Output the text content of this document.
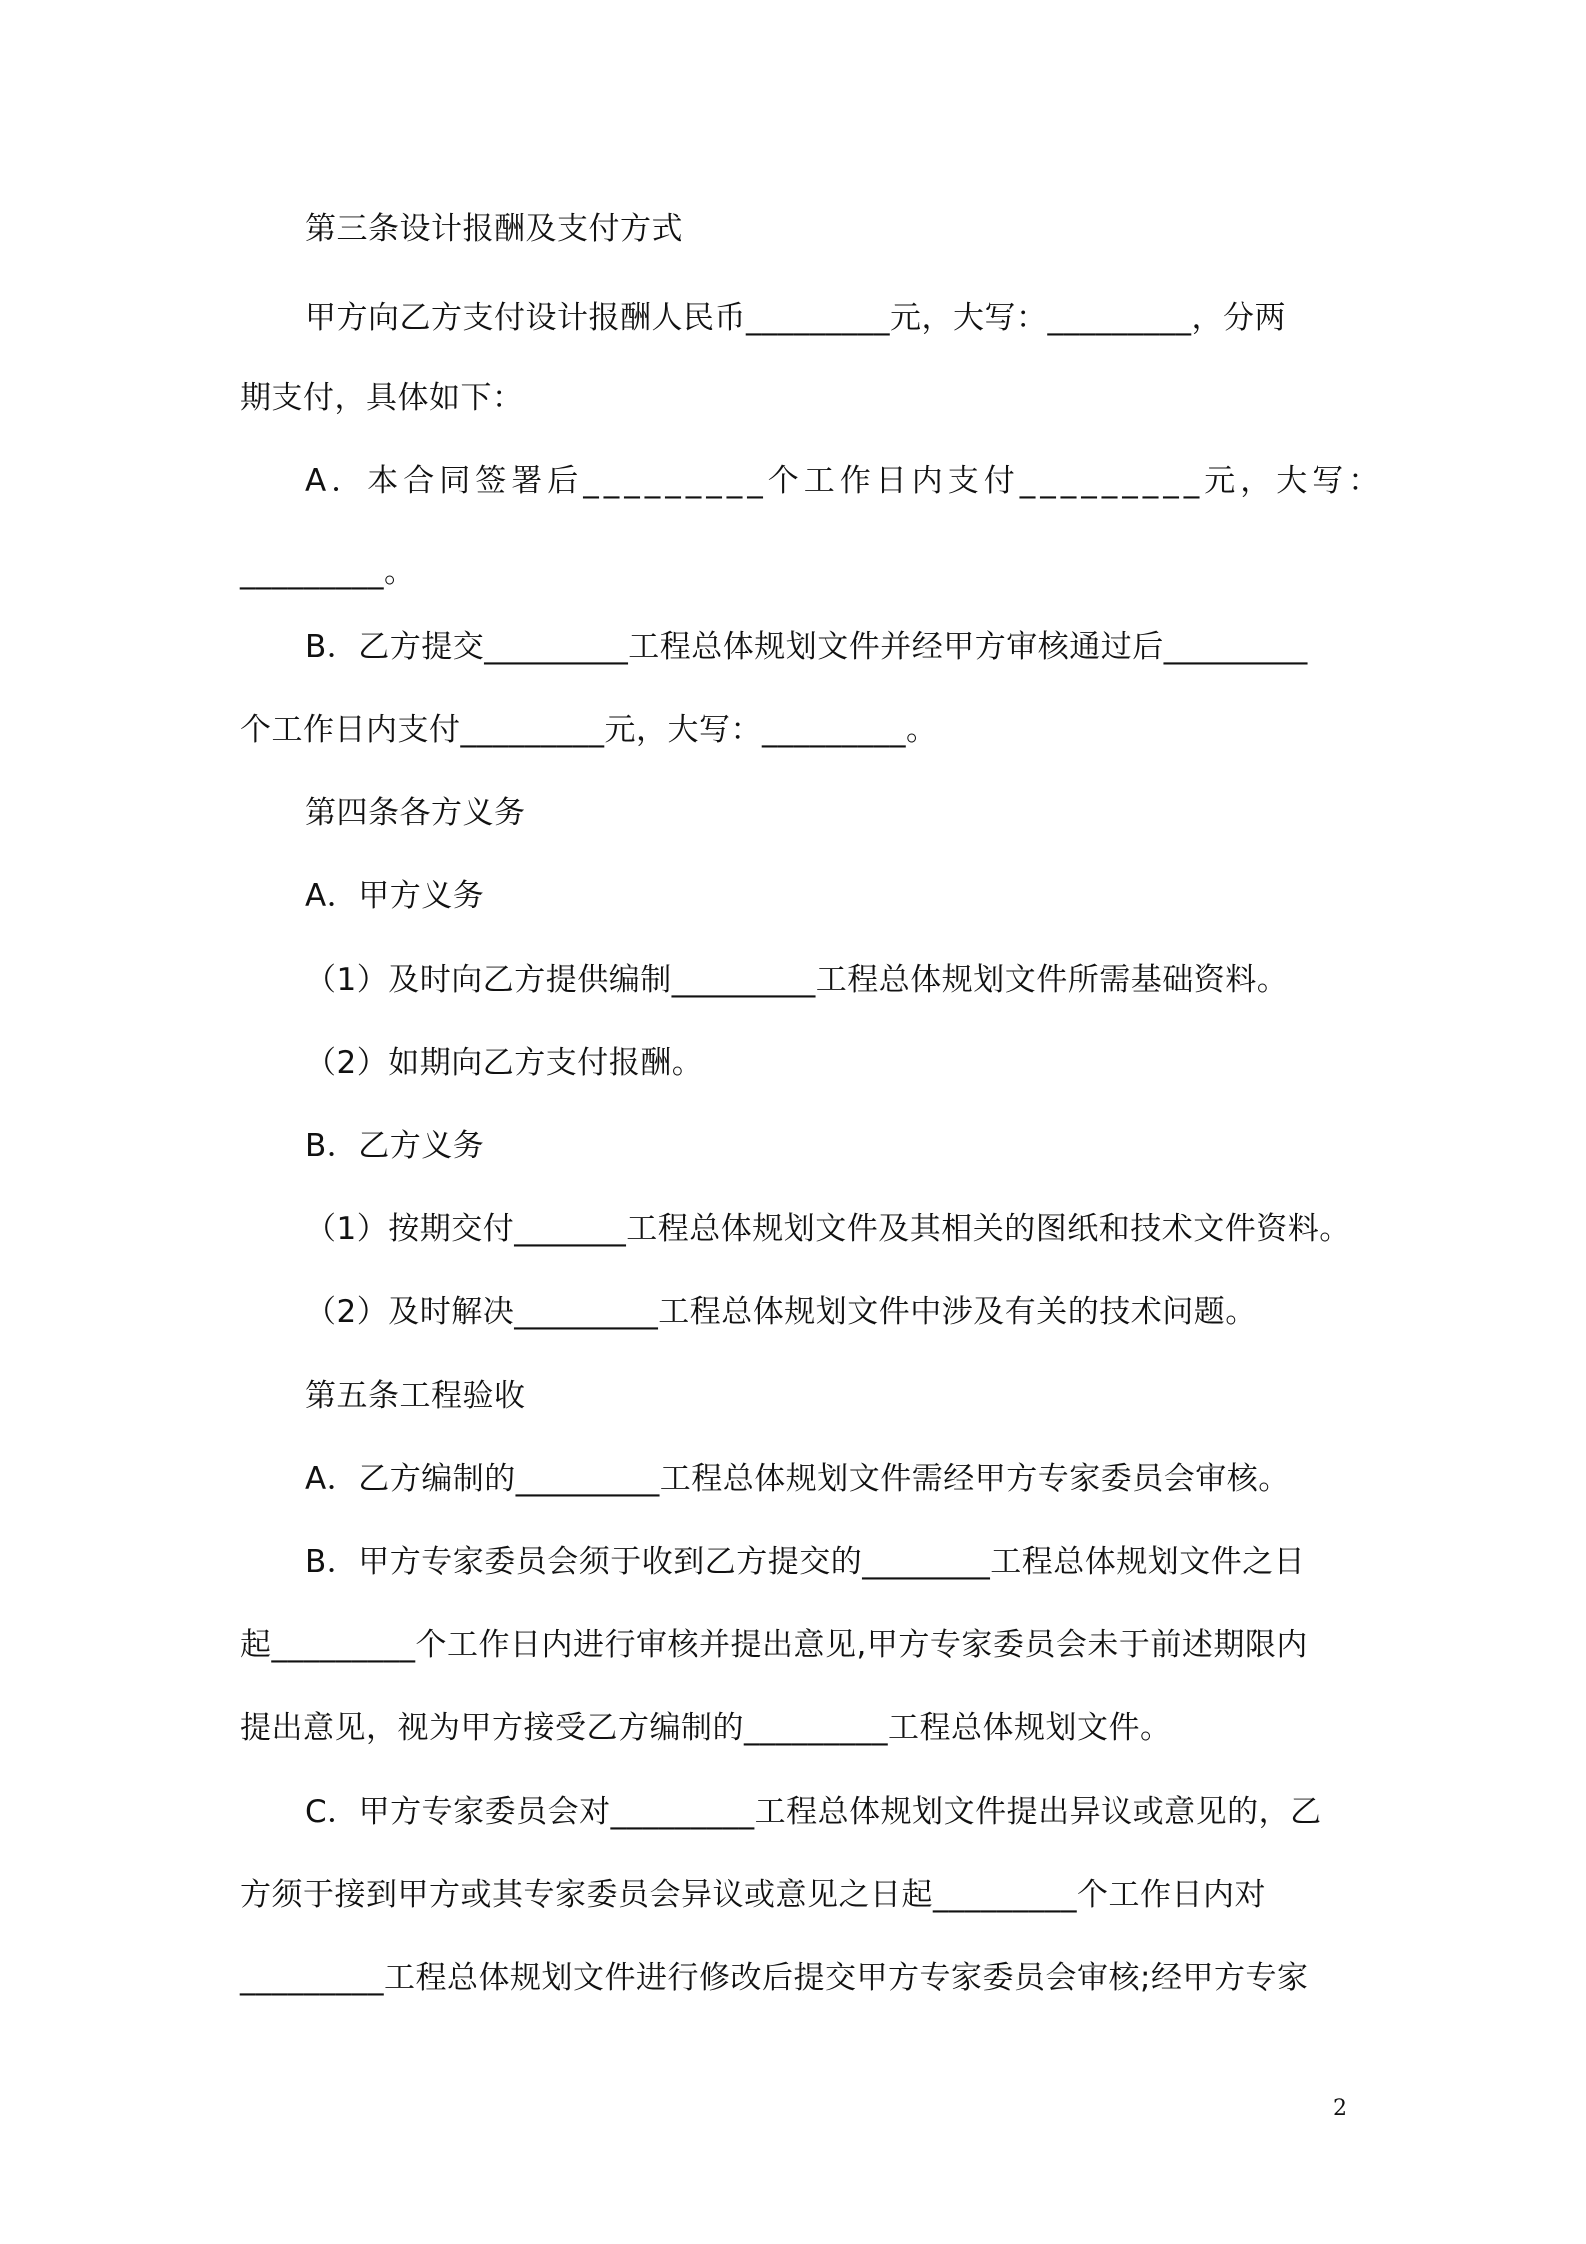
第三条设计报酬及支付方式
甲方向乙方支付设计报酬人民币_________元，大写：_________，分两
期支付，具体如下：
A．本合同签署后_________个工作日内支付_________元，大写：
_________。
B．乙方提交_________工程总体规划文件并经甲方审核通过后_________
个工作日内支付_________元，大写：_________。
第四条各方义务
A．甲方义务
（1）及时向乙方提供编制_________工程总体规划文件所需基础资料。
（2）如期向乙方支付报酬。
B．乙方义务
（1）按期交付_______工程总体规划文件及其相关的图纸和技术文件资料。
（2）及时解决_________工程总体规划文件中涉及有关的技术问题。
第五条工程验收
A．乙方编制的_________工程总体规划文件需经甲方专家委员会审核。
B．甲方专家委员会须于收到乙方提交的________工程总体规划文件之日
起_________个工作日内进行审核并提出意见,甲方专家委员会未于前述期限内
提出意见，视为甲方接受乙方编制的_________工程总体规划文件。
C．甲方专家委员会对_________工程总体规划文件提出异议或意见的，乙
方须于接到甲方或其专家委员会异议或意见之日起_________个工作日内对
_________工程总体规划文件进行修改后提交甲方专家委员会审核;经甲方专家
2
